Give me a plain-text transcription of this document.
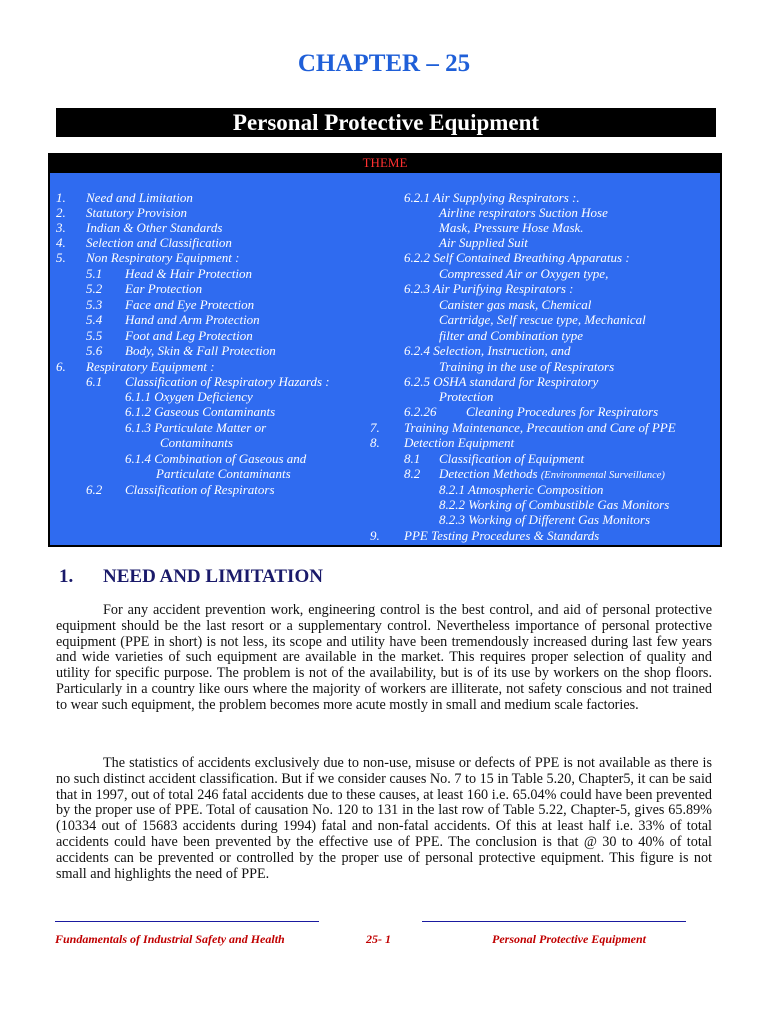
CHAPTER – 25
Personal Protective Equipment
THEME
1. Need and Limitation
2. Statutory Provision
3. Indian & Other Standards
4. Selection and Classification
5. Non Respiratory Equipment :
5.1 Head & Hair Protection
5.2 Ear Protection
5.3 Face and Eye Protection
5.4 Hand and Arm Protection
5.5 Foot and Leg Protection
5.6 Body, Skin & Fall Protection
6. Respiratory Equipment :
6.1 Classification of Respiratory Hazards :
6.1.1 Oxygen Deficiency
6.1.2 Gaseous Contaminants
6.1.3 Particulate Matter or
Contaminants
6.1.4 Combination of Gaseous and
Particulate Contaminants
6.2 Classification of Respirators
6.2.1 Air Supplying Respirators :.
Airline respirators Suction Hose
Mask, Pressure Hose Mask.
Air Supplied Suit
6.2.2 Self Contained Breathing Apparatus :
Compressed Air or Oxygen type,
6.2.3 Air Purifying Respirators :
Canister gas mask, Chemical
Cartridge, Self rescue type, Mechanical
filter and Combination type
6.2.4 Selection, Instruction, and
Training in the use of Respirators
6.2.5 OSHA standard for Respiratory
Protection
6.2.26 Cleaning Procedures for Respirators
7. Training Maintenance, Precaution and Care of PPE
8. Detection Equipment
8.1 Classification of Equipment
8.2 Detection Methods (Environmental Surveillance)
8.2.1 Atmospheric Composition
8.2.2 Working of Combustible Gas Monitors
8.2.3 Working of Different Gas Monitors
9. PPE Testing Procedures & Standards
1. NEED AND LIMITATION
For any accident prevention work, engineering control is the best control, and aid of personal protective equipment should be the last resort or a supplementary control. Nevertheless importance of personal protective equipment (PPE in short) is not less, its scope and utility have been tremendously increased during last few years and wide varieties of such equipment are available in the market. This requires proper selection of quality and utility for specific purpose. The problem is not of the availability, but is of its use by workers on the shop floors. Particularly in a country like ours where the majority of workers are illiterate, not safety conscious and not trained to wear such equipment, the problem becomes more acute mostly in small and medium scale factories.
The statistics of accidents exclusively due to non-use, misuse or defects of PPE is not available as there is no such distinct accident classification. But if we consider causes No. 7 to 15 in Table 5.20, Chapter5, it can be said that in 1997, out of total 246 fatal accidents due to these causes, at least 160 i.e. 65.04% could have been prevented by the proper use of PPE. Total of causation No. 120 to 131 in the last row of Table 5.22, Chapter-5, gives 65.89% (10334 out of 15683 accidents during 1994) fatal and non-fatal accidents. Of this at least half i.e. 33% of total accidents could have been prevented by the effective use of PPE. The conclusion is that @ 30 to 40% of total accidents can be prevented or controlled by the proper use of personal protective equipment. This figure is not small and highlights the need of PPE.
Fundamentals of Industrial Safety and Health	25- 1	Personal Protective Equipment
